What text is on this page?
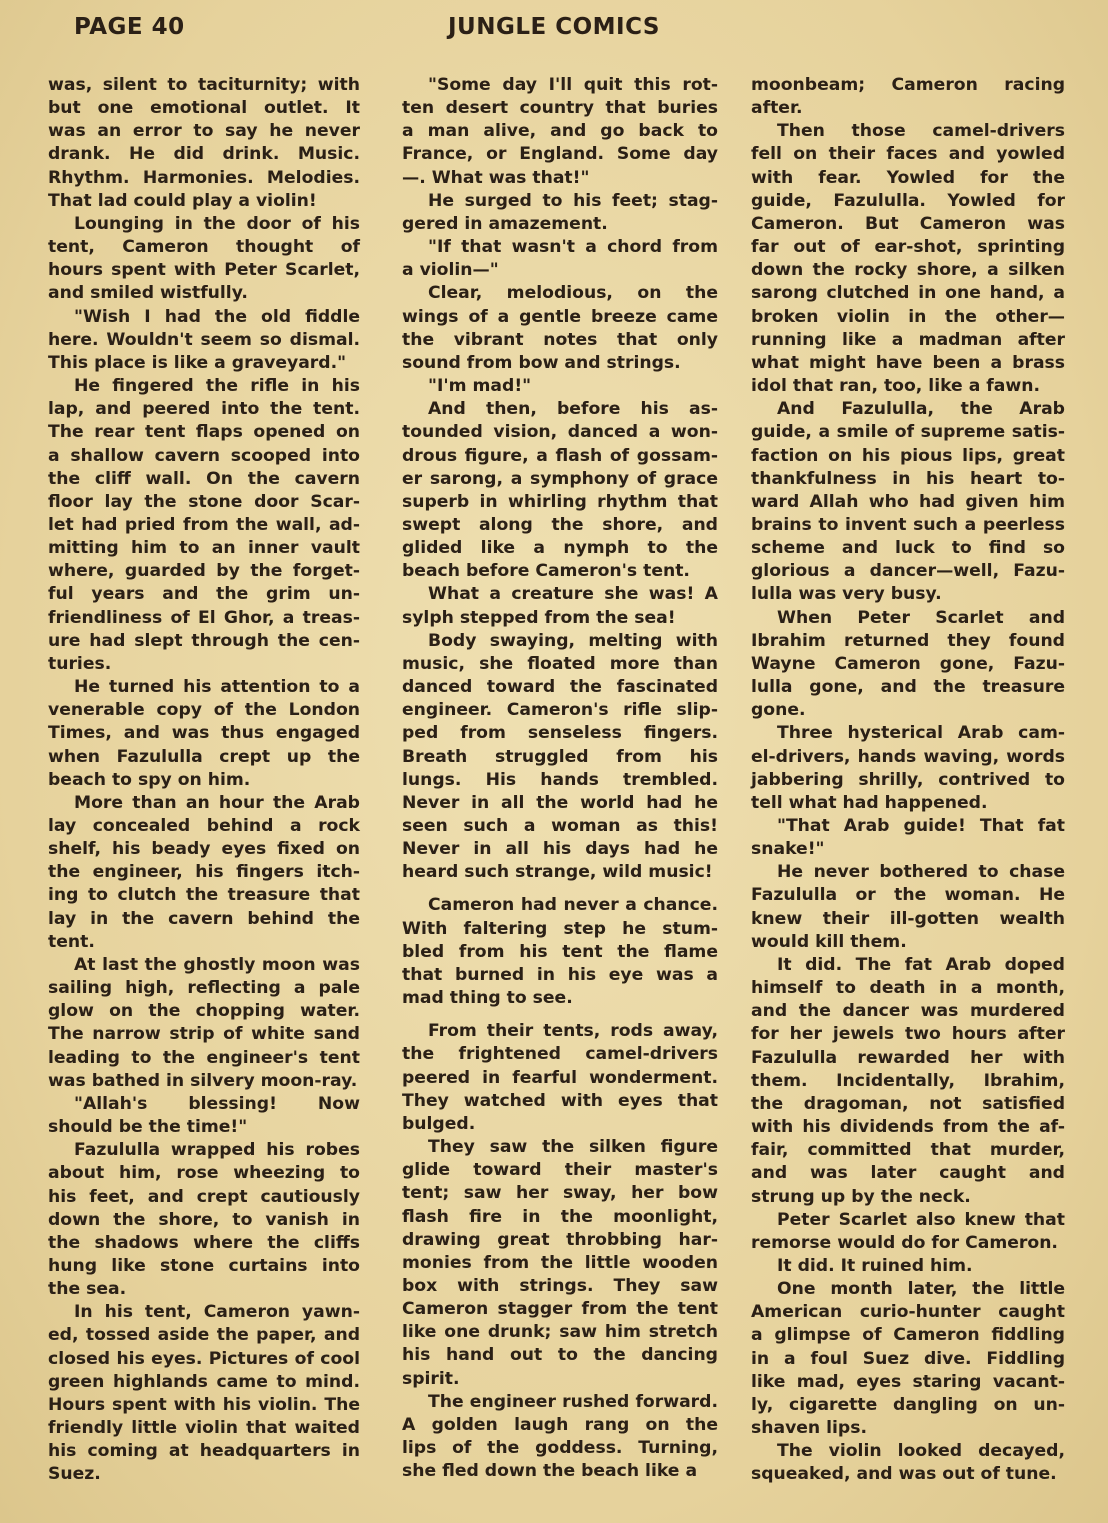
PAGE 40	JUNGLE COMICS
was, silent to taciturnity; with
but one emotional outlet. It
was an error to say he never
drank. He did drink. Music.
Rhythm. Harmonies. Melodies.
That lad could play a violin!
Lounging in the door of his
tent, Cameron thought of
hours spent with Peter Scarlet,
and smiled wistfully.
"Wish I had the old fiddle
here. Wouldn't seem so dismal.
This place is like a graveyard."
He fingered the rifle in his
lap, and peered into the tent.
The rear tent flaps opened on
a shallow cavern scooped into
the cliff wall. On the cavern
floor lay the stone door Scar-
let had pried from the wall, ad-
mitting him to an inner vault
where, guarded by the forget-
ful years and the grim un-
friendliness of El Ghor, a treas-
ure had slept through the cen-
turies.
He turned his attention to a
venerable copy of the London
Times, and was thus engaged
when Fazululla crept up the
beach to spy on him.
More than an hour the Arab
lay concealed behind a rock
shelf, his beady eyes fixed on
the engineer, his fingers itch-
ing to clutch the treasure that
lay in the cavern behind the
tent.
At last the ghostly moon was
sailing high, reflecting a pale
glow on the chopping water.
The narrow strip of white sand
leading to the engineer's tent
was bathed in silvery moon-ray.
"Allah's blessing! Now
should be the time!"
Fazululla wrapped his robes
about him, rose wheezing to
his feet, and crept cautiously
down the shore, to vanish in
the shadows where the cliffs
hung like stone curtains into
the sea.
In his tent, Cameron yawn-
ed, tossed aside the paper, and
closed his eyes. Pictures of cool
green highlands came to mind.
Hours spent with his violin. The
friendly little violin that waited
his coming at headquarters in
Suez.
"Some day I'll quit this rot-
ten desert country that buries
a man alive, and go back to
France, or England. Some day
—. What was that!"
He surged to his feet; stag-
gered in amazement.
"If that wasn't a chord from
a violin—"
Clear, melodious, on the
wings of a gentle breeze came
the vibrant notes that only
sound from bow and strings.
"I'm mad!"
And then, before his as-
tounded vision, danced a won-
drous figure, a flash of gossam-
er sarong, a symphony of grace
superb in whirling rhythm that
swept along the shore, and
glided like a nymph to the
beach before Cameron's tent.
What a creature she was! A
sylph stepped from the sea!
Body swaying, melting with
music, she floated more than
danced toward the fascinated
engineer. Cameron's rifle slip-
ped from senseless fingers.
Breath struggled from his
lungs. His hands trembled.
Never in all the world had he
seen such a woman as this!
Never in all his days had he
heard such strange, wild music!
Cameron had never a chance.
With faltering step he stum-
bled from his tent the flame
that burned in his eye was a
mad thing to see.
From their tents, rods away,
the frightened camel-drivers
peered in fearful wonderment.
They watched with eyes that
bulged.
They saw the silken figure
glide toward their master's
tent; saw her sway, her bow
flash fire in the moonlight,
drawing great throbbing har-
monies from the little wooden
box with strings. They saw
Cameron stagger from the tent
like one drunk; saw him stretch
his hand out to the dancing
spirit.
The engineer rushed forward.
A golden laugh rang on the
lips of the goddess. Turning,
she fled down the beach like a
moonbeam; Cameron racing
after.
Then those camel-drivers
fell on their faces and yowled
with fear. Yowled for the
guide, Fazululla. Yowled for
Cameron. But Cameron was
far out of ear-shot, sprinting
down the rocky shore, a silken
sarong clutched in one hand, a
broken violin in the other—
running like a madman after
what might have been a brass
idol that ran, too, like a fawn.
And Fazululla, the Arab
guide, a smile of supreme satis-
faction on his pious lips, great
thankfulness in his heart to-
ward Allah who had given him
brains to invent such a peerless
scheme and luck to find so
glorious a dancer—well, Fazu-
lulla was very busy.
When Peter Scarlet and
Ibrahim returned they found
Wayne Cameron gone, Fazu-
lulla gone, and the treasure
gone.
Three hysterical Arab cam-
el-drivers, hands waving, words
jabbering shrilly, contrived to
tell what had happened.
"That Arab guide! That fat
snake!"
He never bothered to chase
Fazululla or the woman. He
knew their ill-gotten wealth
would kill them.
It did. The fat Arab doped
himself to death in a month,
and the dancer was murdered
for her jewels two hours after
Fazululla rewarded her with
them. Incidentally, Ibrahim,
the dragoman, not satisfied
with his dividends from the af-
fair, committed that murder,
and was later caught and
strung up by the neck.
Peter Scarlet also knew that
remorse would do for Cameron.
It did. It ruined him.
One month later, the little
American curio-hunter caught
a glimpse of Cameron fiddling
in a foul Suez dive. Fiddling
like mad, eyes staring vacant-
ly, cigarette dangling on un-
shaven lips.
The violin looked decayed,
squeaked, and was out of tune.
